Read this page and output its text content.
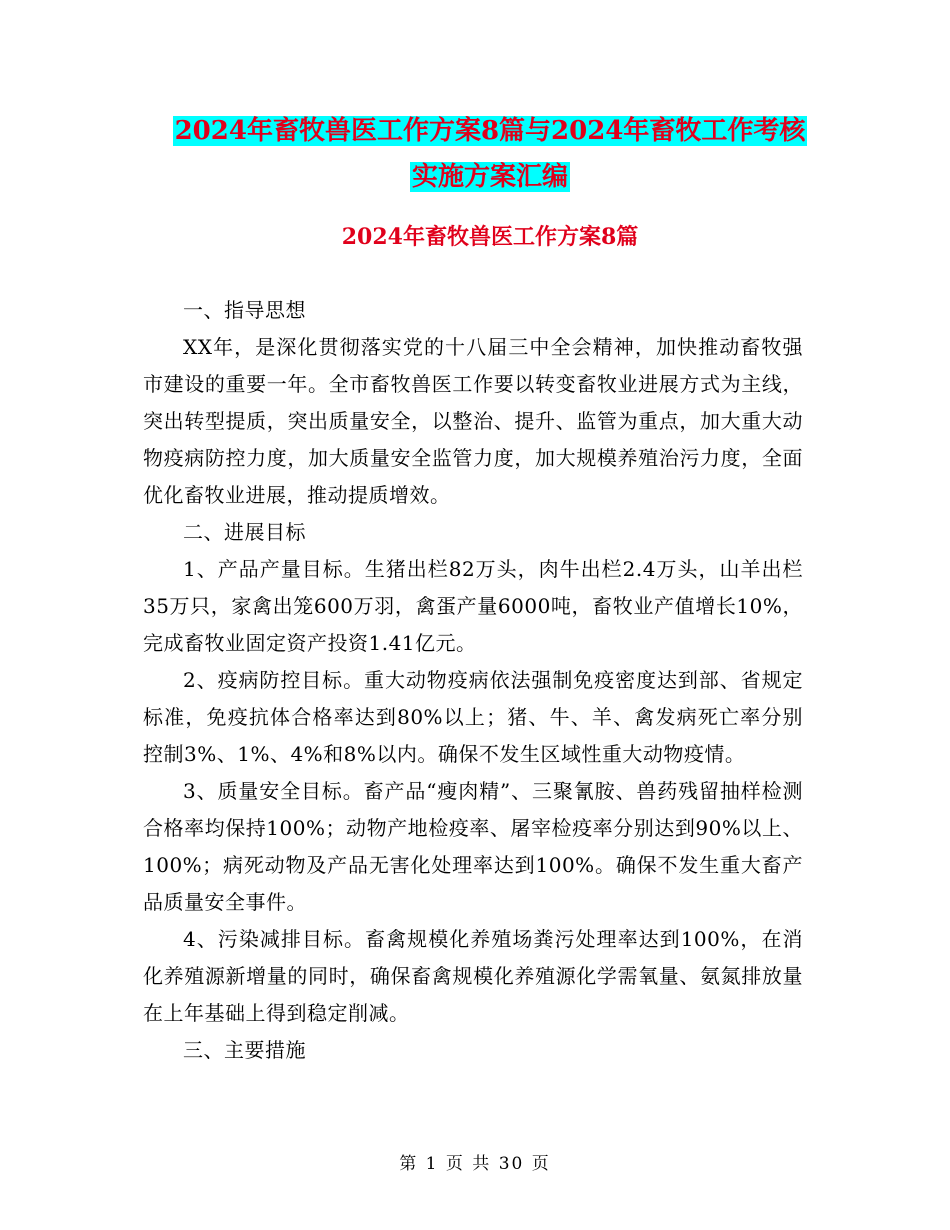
2024年畜牧兽医工作方案8篇与2024年畜牧工作考核
实施方案汇编
2024年畜牧兽医工作方案8篇

一、指导思想

XX年，是深化贯彻落实党的十八届三中全会精神，加快推动畜牧强市建设的重要一年。全市畜牧兽医工作要以转变畜牧业进展方式为主线，突出转型提质，突出质量安全，以整治、提升、监管为重点，加大重大动物疫病防控力度，加大质量安全监管力度，加大规模养殖治污力度，全面优化畜牧业进展，推动提质增效。

二、进展目标

1、产品产量目标。生猪出栏82万头，肉牛出栏2.4万头，山羊出栏35万只，家禽出笼600万羽，禽蛋产量6000吨，畜牧业产值增长10%，完成畜牧业固定资产投资1.41亿元。

2、疫病防控目标。重大动物疫病依法强制免疫密度达到部、省规定标准，免疫抗体合格率达到80%以上；猪、牛、羊、禽发病死亡率分别控制3%、1%、4%和8%以内。确保不发生区域性重大动物疫情。

3、质量安全目标。畜产品“瘦肉精”、三聚氰胺、兽药残留抽样检测合格率均保持100%；动物产地检疫率、屠宰检疫率分别达到90%以上、100%；病死动物及产品无害化处理率达到100%。确保不发生重大畜产品质量安全事件。

4、污染减排目标。畜禽规模化养殖场粪污处理率达到100%，在消化养殖源新增量的同时，确保畜禽规模化养殖源化学需氧量、氨氮排放量在上年基础上得到稳定削减。

三、主要措施

第 1 页 共 30 页
